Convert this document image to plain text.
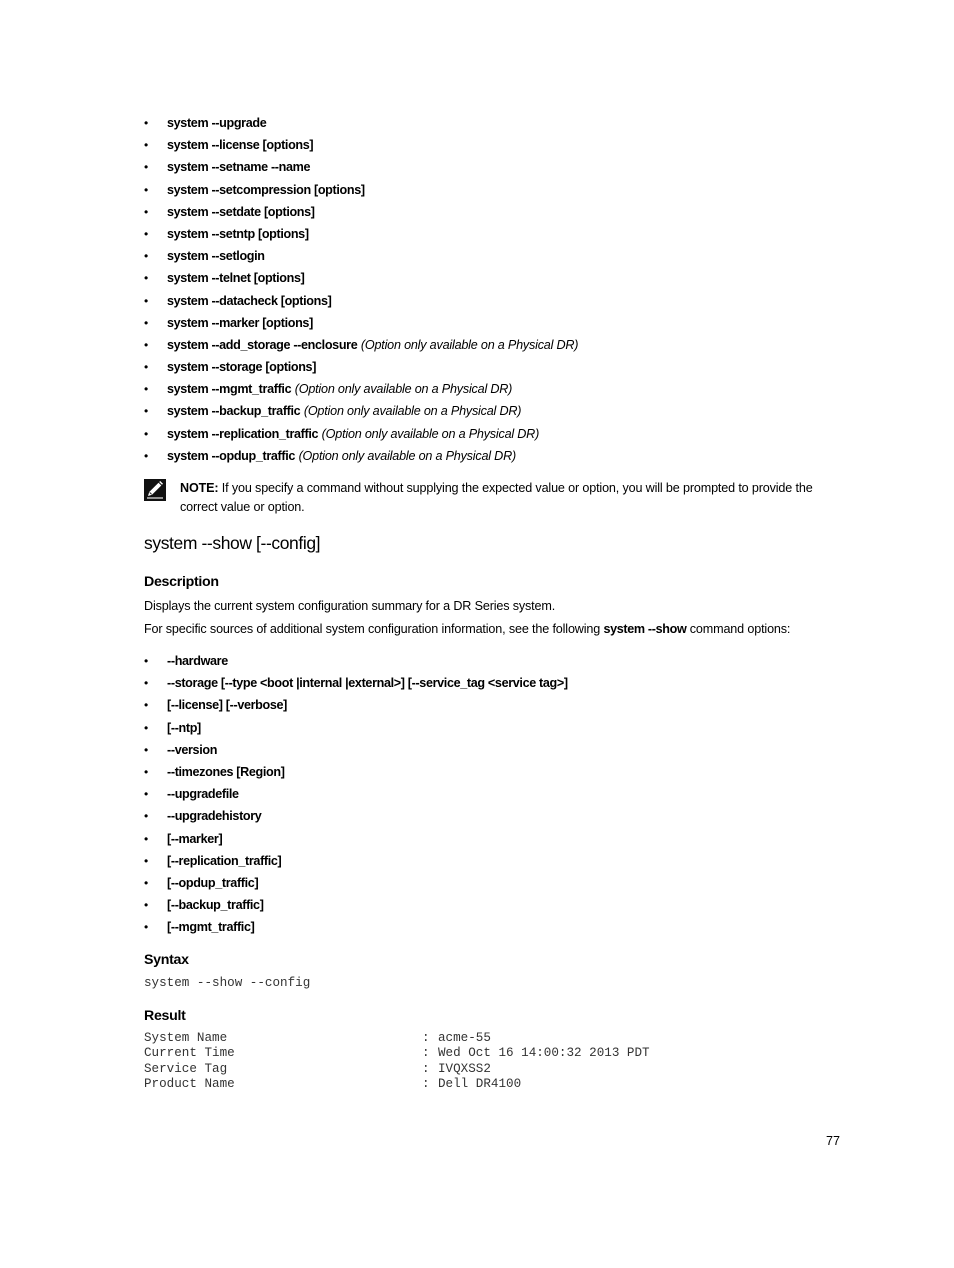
• system --upgrade
• system --license [options]
• system --setname --name
• system --setcompression [options]
• system --setdate [options]
• system --setntp [options]
• system --setlogin
• system --telnet [options]
• system --datacheck [options]
• system --marker [options]
• system --add_storage --enclosure (Option only available on a Physical DR)
• system --storage [options]
• system --mgmt_traffic (Option only available on a Physical DR)
• system --backup_traffic (Option only available on a Physical DR)
• system --replication_traffic (Option only available on a Physical DR)
• system --opdup_traffic (Option only available on a Physical DR)
NOTE: If you specify a command without supplying the expected value or option, you will be prompted to provide the correct value or option.
system --show [--config]
Description

Displays the current system configuration summary for a DR Series system.

For specific sources of additional system configuration information, see the following system --show command options:

• --hardware
• --storage [--type <boot |internal |external>] [--service_tag <service tag>]
• [--license] [--verbose]
• [--ntp]
• --version
• --timezones [Region]
• --upgradefile
• --upgradehistory
• [--marker]
• [--replication_traffic]
• [--opdup_traffic]
• [--backup_traffic]
• [--mgmt_traffic]
Syntax
system --show --config
Result
System Name	: acme-55
Current Time	: Wed Oct 16 14:00:32 2013 PDT
Service Tag	: IVQXSS2
Product Name	: Dell DR4100
77
